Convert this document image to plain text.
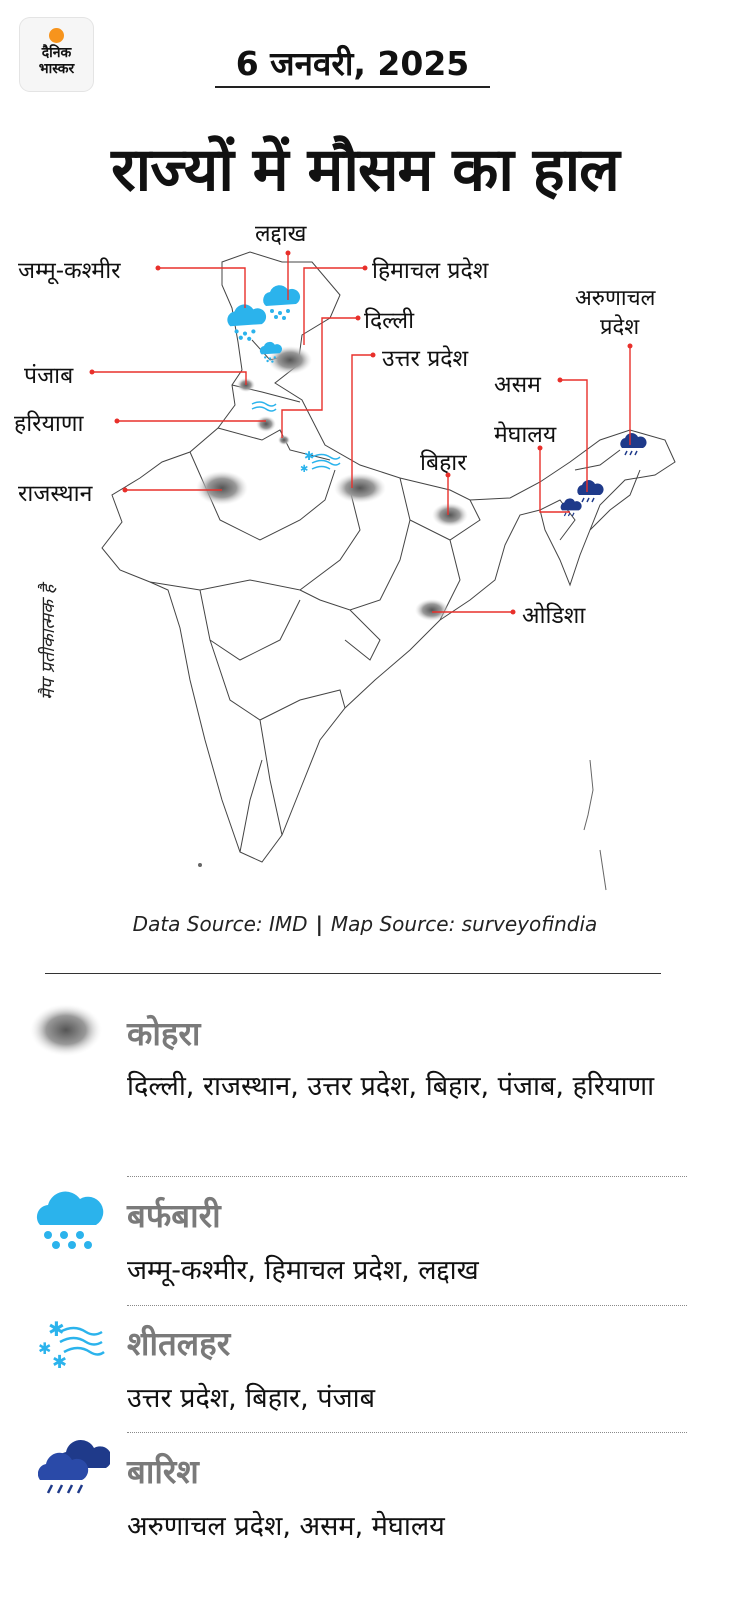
दैनिक
भास्कर	6 जनवरी, 2025
राज्यों में मौसम का हाल
✱
✱
लद्दाख
जम्मू-कश्मीर	हिमाचल प्रदेश
दिल्ली
उत्तर प्रदेश
पंजाब
हरियाणा
राजस्थान
बिहार
अरुणाचल
प्रदेश
असम
मेघालय
ओडिशा
मैप प्रतीकात्मक है
Data Source: IMD | Map Source: surveyofindia
कोहरा
दिल्ली, राजस्थान, उत्तर प्रदेश, बिहार, पंजाब, हरियाणा
बर्फबारी
जम्मू-कश्मीर, हिमाचल प्रदेश, लद्दाख
✱
✱
✱ शीतलहर
उत्तर प्रदेश, बिहार, पंजाब
बारिश
अरुणाचल प्रदेश, असम, मेघालय
